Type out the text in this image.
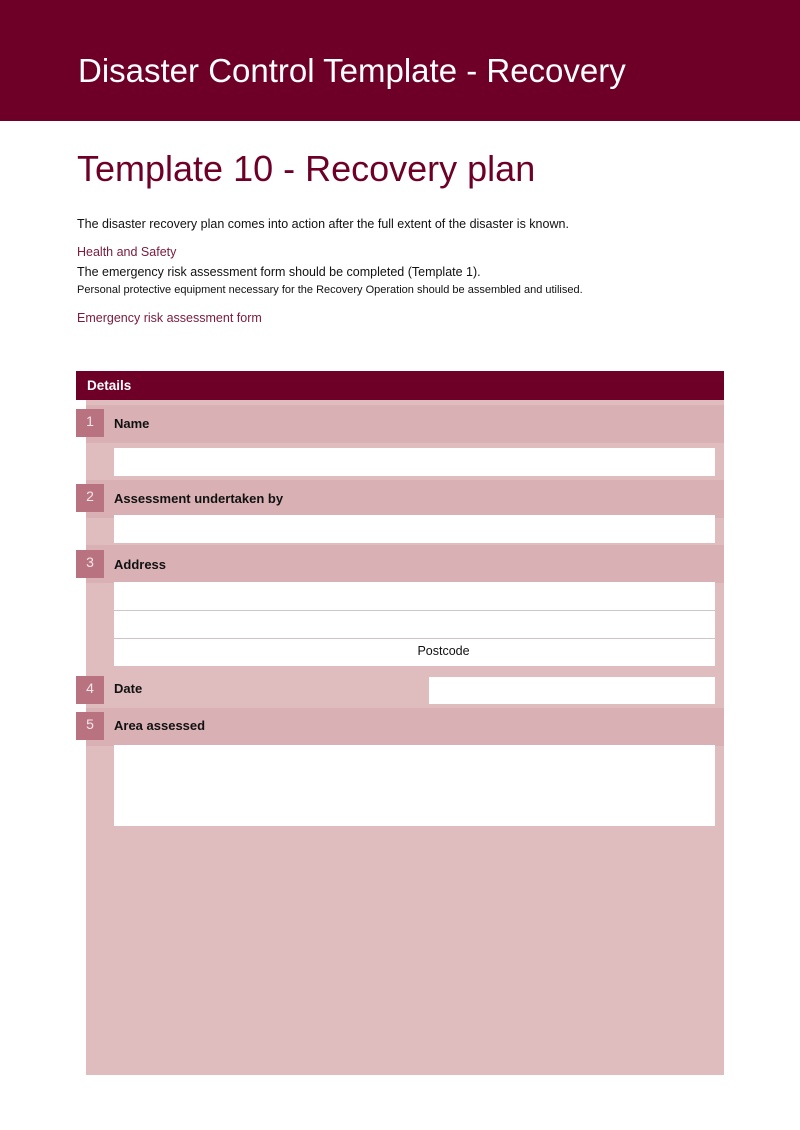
Disaster Control Template - Recovery
Template 10 - Recovery plan
The disaster recovery plan comes into action after the full extent of the disaster is known.
Health and Safety
The emergency risk assessment form should be completed (Template 1).
Personal protective equipment necessary for the Recovery Operation should be assembled and utilised.
Emergency risk assessment form
Details
1	Name
2	Assessment undertaken by
3	Address
Postcode
4	Date
5	Area assessed
